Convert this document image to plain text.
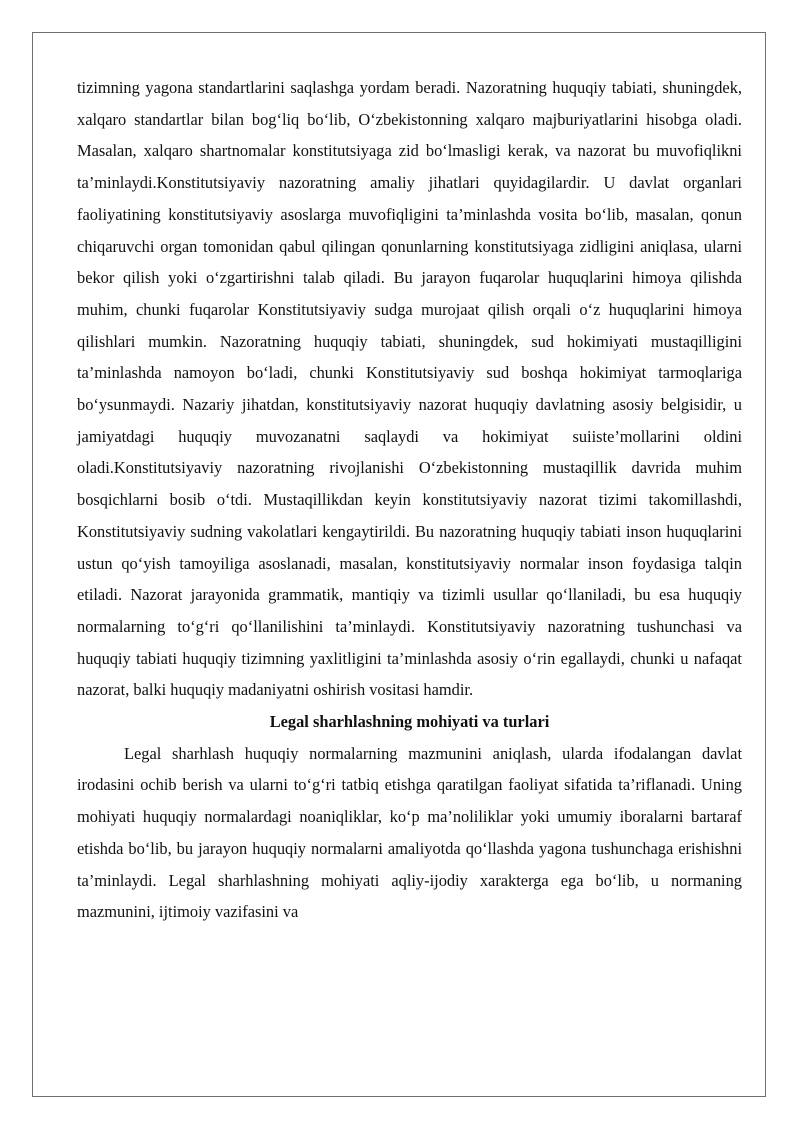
tizimning yagona standartlarini saqlashga yordam beradi. Nazoratning huquqiy tabiati, shuningdek, xalqaro standartlar bilan bog‘liq bo‘lib, O‘zbekistonning xalqaro majburiyatlarini hisobga oladi. Masalan, xalqaro shartnomalar konstitutsiyaga zid bo‘lmasligi kerak, va nazorat bu muvofiqlikni ta’minlaydi.Konstitutsiyaviy nazoratning amaliy jihatlari quyidagilardir. U davlat organlari faoliyatining konstitutsiyaviy asoslarga muvofiqligini ta’minlashda vosita bo‘lib, masalan, qonun chiqaruvchi organ tomonidan qabul qilingan qonunlarning konstitutsiyaga zidligini aniqlasa, ularni bekor qilish yoki o‘zgartirishni talab qiladi. Bu jarayon fuqarolar huquqlarini himoya qilishda muhim, chunki fuqarolar Konstitutsiyaviy sudga murojaat qilish orqali o‘z huquqlarini himoya qilishlari mumkin. Nazoratning huquqiy tabiati, shuningdek, sud hokimiyati mustaqilligini ta’minlashda namoyon bo‘ladi, chunki Konstitutsiyaviy sud boshqa hokimiyat tarmoqlariga bo‘ysunmaydi. Nazariy jihatdan, konstitutsiyaviy nazorat huquqiy davlatning asosiy belgisidir, u jamiyatdagi huquqiy muvozanatni saqlaydi va hokimiyat suiiste’mollarini oldini oladi.Konstitutsiyaviy nazoratning rivojlanishi O‘zbekistonning mustaqillik davrida muhim bosqichlarni bosib o‘tdi. Mustaqillikdan keyin konstitutsiyaviy nazorat tizimi takomillashdi, Konstitutsiyaviy sudning vakolatlari kengaytirildi. Bu nazoratning huquqiy tabiati inson huquqlarini ustun qo‘yish tamoyiliga asoslanadi, masalan, konstitutsiyaviy normalar inson foydasiga talqin etiladi. Nazorat jarayonida grammatik, mantiqiy va tizimli usullar qo‘llaniladi, bu esa huquqiy normalarning to‘g‘ri qo‘llanilishini ta’minlaydi. Konstitutsiyaviy nazoratning tushunchasi va huquqiy tabiati huquqiy tizimning yaxlitligini ta’minlashda asosiy o‘rin egallaydi, chunki u nafaqat nazorat, balki huquqiy madaniyatni oshirish vositasi hamdir.

Legal sharhlashning mohiyati va turlari

Legal sharhlash huquqiy normalarning mazmunini aniqlash, ularda ifodalangan davlat irodasini ochib berish va ularni to‘g‘ri tatbiq etishga qaratilgan faoliyat sifatida ta’riflanadi. Uning mohiyati huquqiy normalardagi noaniqliklar, ko‘p ma’noliliklar yoki umumiy iboralarni bartaraf etishda bo‘lib, bu jarayon huquqiy normalarni amaliyotda qo‘llashda yagona tushunchaga erishishni ta’minlaydi. Legal sharhlashning mohiyati aqliy-ijodiy xarakterga ega bo‘lib, u normaning mazmunini, ijtimoiy vazifasini va
